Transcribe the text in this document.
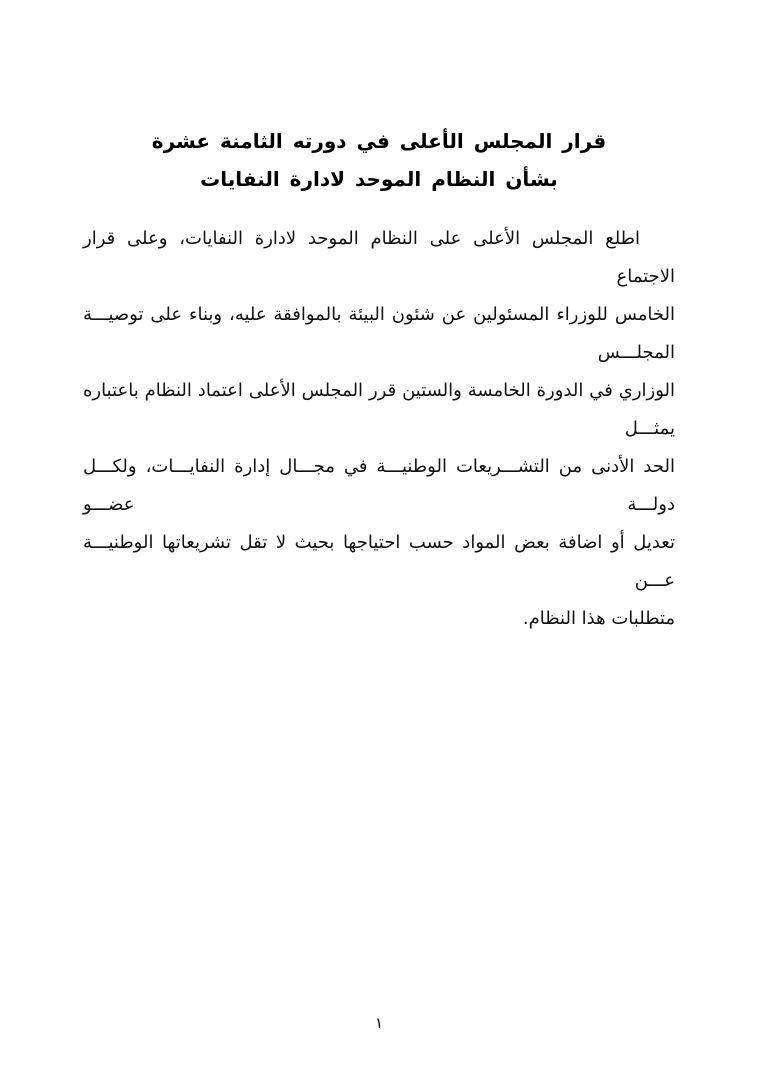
قرار المجلس الأعلى في دورته الثامنة عشرة
بشأن النظام الموحد لادارة النفايات
اطلع المجلس الأعلى على النظام الموحد لادارة النفايات، وعلى قرار الاجتماع
الخامس للوزراء المسئولين عن شئون البيئة بالموافقة عليه، وبناء على توصيـــة المجلـــس
الوزاري في الدورة الخامسة والستين قرر المجلس الأعلى اعتماد النظام باعتباره يمثـــل
الحد الأدنى من التشـــريعات الوطنيـــة في مجـــال إدارة النفايـــات، ولكـــل دولـــة عضـــو
تعديل أو اضافة بعض المواد حسب احتياجها بحيث لا تقل تشريعاتها الوطنيـــة عـــن
متطلبات هذا النظام.
١
